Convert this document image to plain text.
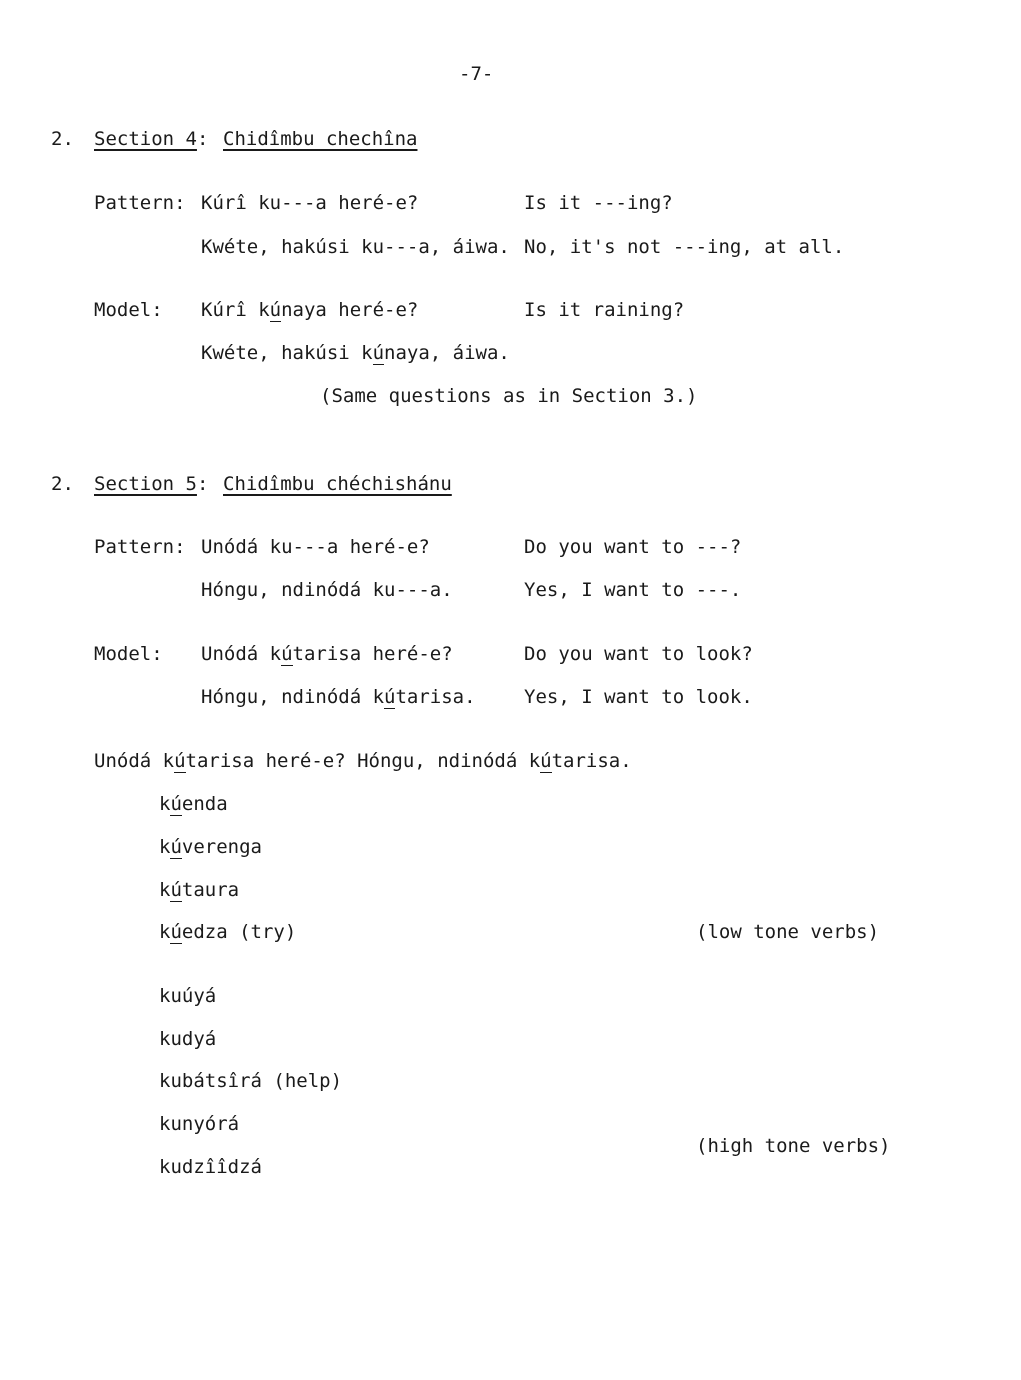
-7-
2. Section 4: Chidîmbu chechîna
Pattern: Kúrî ku---a heré-e?	Is it ---ing?
Kwéte, hakúsi ku---a, áiwa. No, it's not ---ing, at all.
Model: Kúrî kúnaya heré-e?	Is it raining?
Kwéte, hakúsi kúnaya, áiwa.
(Same questions as in Section 3.)
2. Section 5: Chidîmbu chéchishánu
Pattern: Unódá ku---a heré-e?	Do you want to ---?
Hóngu, ndinódá ku---a.	Yes, I want to ---.
Model: Unódá kútarisa heré-e?	Do you want to look?
Hóngu, ndinódá kútarisa.	Yes, I want to look.
Unódá kútarisa heré-e? Hóngu, ndinódá kútarisa.
kúenda
kúverenga
kútaura
kúedza (try)	(low tone verbs)
kuúyá
kudyá
kubátsîrá (help)
kunyórá
kudzîîdzá
(high tone verbs)
